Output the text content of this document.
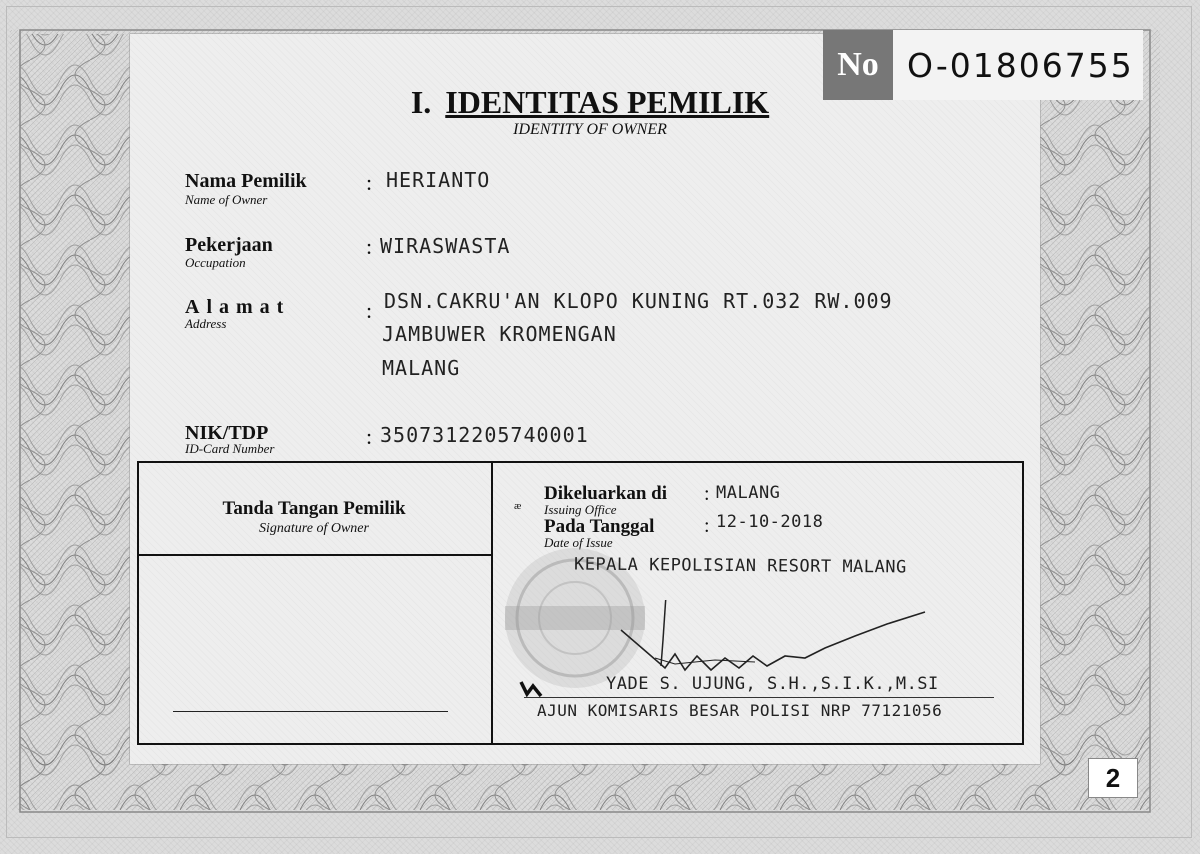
No O-01806755
I. IDENTITAS PEMILIK
IDENTITY OF OWNER
Nama Pemilik
Name of Owner
: HERIANTO
Pekerjaan
Occupation
: WIRASWASTA
Alamat
Address
: DSN.CAKRU'AN KLOPO KUNING RT.032 RW.009
JAMBUWER KROMENGAN
MALANG
NIK/TDP
ID-Card Number	: 3507312205740001
Tanda Tangan Pemilik
Signature of Owner
æ
Dikeluarkan di
Issuing Office
: MALANG
Pada Tanggal
Date of Issue
: 12-10-2018
KEPALA KEPOLISIAN RESORT MALANG
YADE S. UJUNG, S.H.,S.I.K.,M.SI
AJUN KOMISARIS BESAR POLISI NRP 77121056
2
